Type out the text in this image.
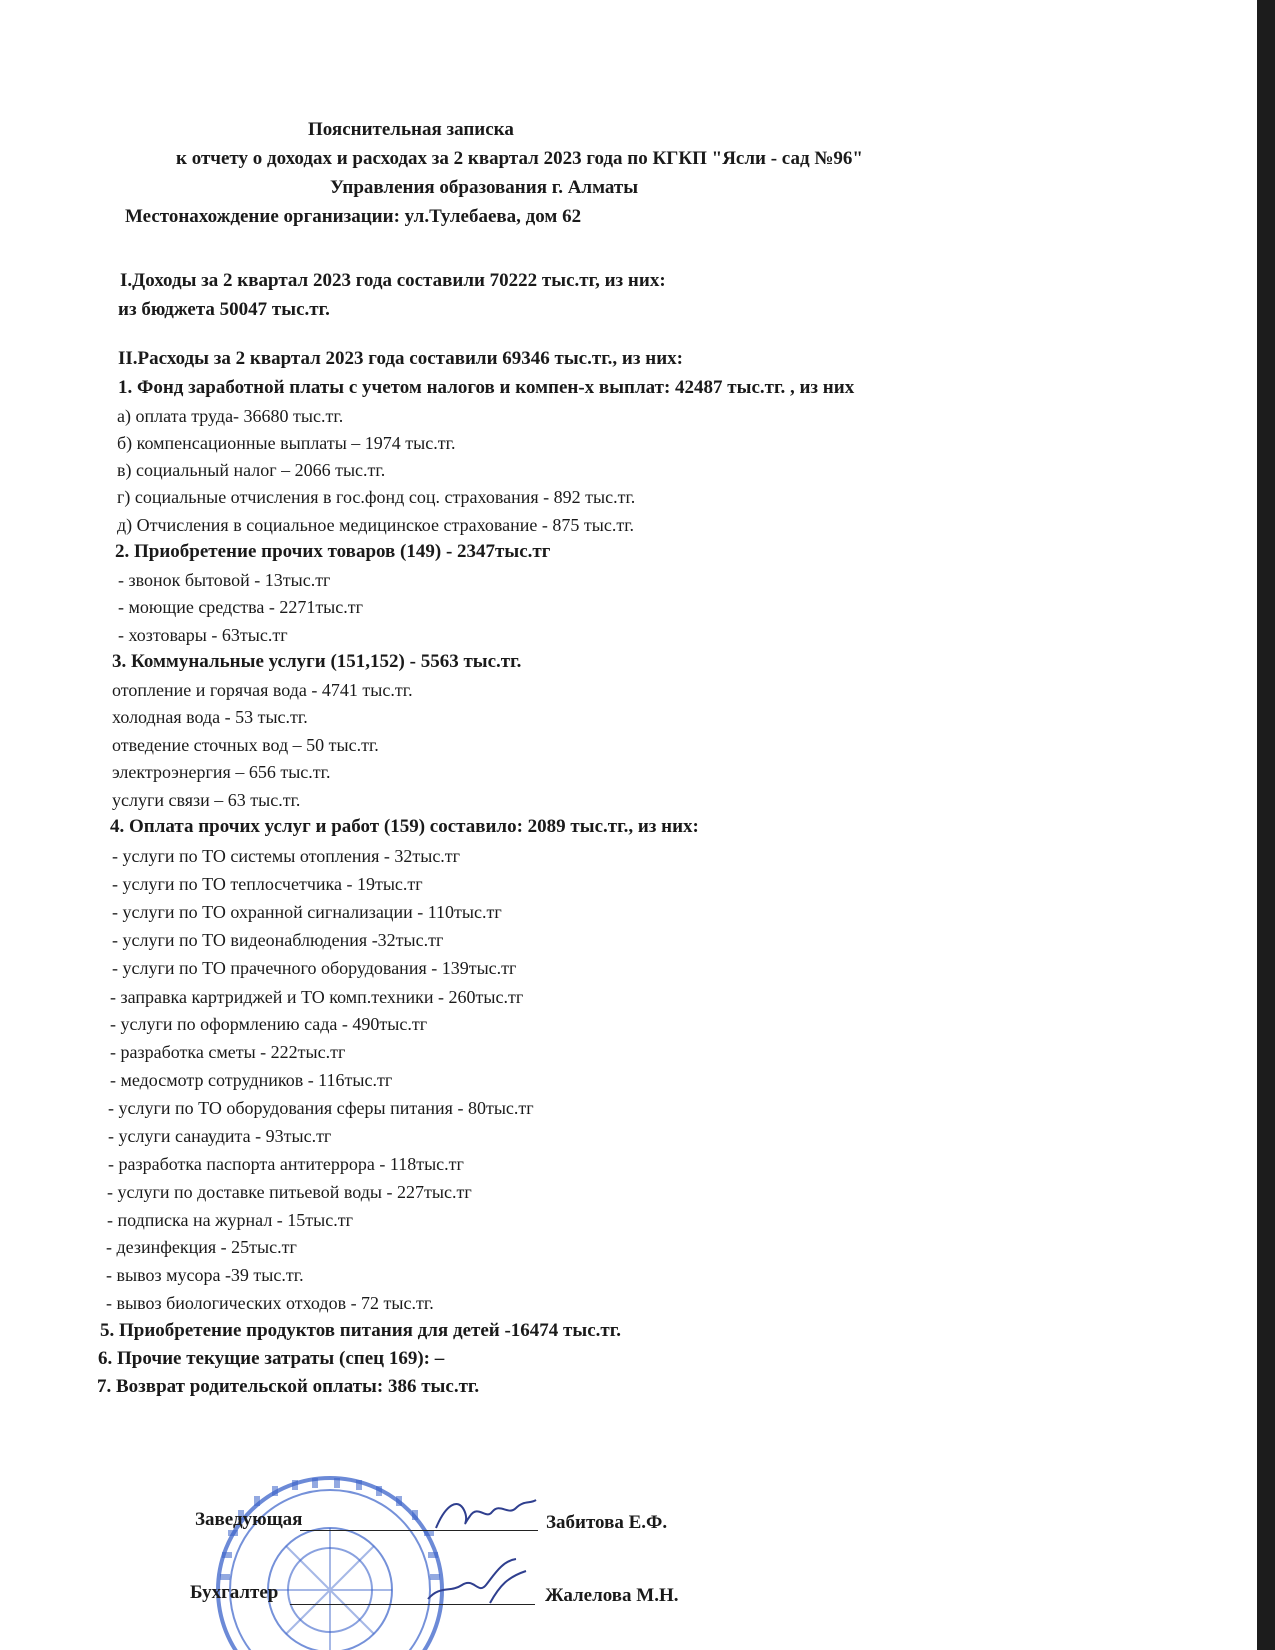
Пояснительная записка
к отчету о доходах и расходах за 2 квартал 2023 года по КГКП "Ясли - сад №96"
Управления образования г. Алматы
Местонахождение организации: ул.Тулебаева, дом 62
I.Доходы за 2 квартал 2023 года составили 70222 тыс.тг, из них:
из бюджета 50047 тыс.тг.
II.Расходы за 2 квартал 2023 года составили 69346 тыс.тг., из них:
1. Фонд заработной платы с учетом налогов и компен-х выплат: 42487 тыс.тг. , из них
а) оплата труда- 36680 тыс.тг.
б) компенсационные выплаты – 1974 тыс.тг.
в) социальный налог – 2066 тыс.тг.
г) социальные отчисления в гос.фонд соц. страхования - 892 тыс.тг.
д) Отчисления в социальное медицинское страхование - 875 тыс.тг.
2. Приобретение прочих товаров (149) - 2347тыс.тг
- звонок бытовой - 13тыс.тг
- моющие средства - 2271тыс.тг
- хозтовары - 63тыс.тг
3. Коммунальные услуги (151,152) - 5563 тыс.тг.
отопление и горячая вода - 4741 тыс.тг.
холодная вода - 53 тыс.тг.
отведение сточных вод – 50 тыс.тг.
электроэнергия – 656 тыс.тг.
услуги связи – 63 тыс.тг.
4. Оплата прочих услуг и работ (159) составило: 2089 тыс.тг., из них:
- услуги по ТО системы отопления - 32тыс.тг
- услуги по ТО теплосчетчика - 19тыс.тг
- услуги по ТО охранной сигнализации - 110тыс.тг
- услуги по ТО видеонаблюдения -32тыс.тг
- услуги по ТО прачечного оборудования - 139тыс.тг
- заправка картриджей и ТО комп.техники - 260тыс.тг
- услуги по оформлению сада - 490тыс.тг
- разработка сметы - 222тыс.тг
- медосмотр сотрудников - 116тыс.тг
- услуги по ТО оборудования сферы питания - 80тыс.тг
- услуги санаудита - 93тыс.тг
- разработка паспорта антитеррора - 118тыс.тг
- услуги по доставке питьевой воды - 227тыс.тг
- подписка на журнал - 15тыс.тг
- дезинфекция - 25тыс.тг
- вывоз мусора -39 тыс.тг.
- вывоз биологических отходов - 72 тыс.тг.
5. Приобретение продуктов питания для детей -16474 тыс.тг.
6. Прочие текущие затраты (спец 169): –
7. Возврат родительской оплаты: 386 тыс.тг.
Заведующая	Забитова Е.Ф.
Бухгалтер	Жалелова М.Н.
